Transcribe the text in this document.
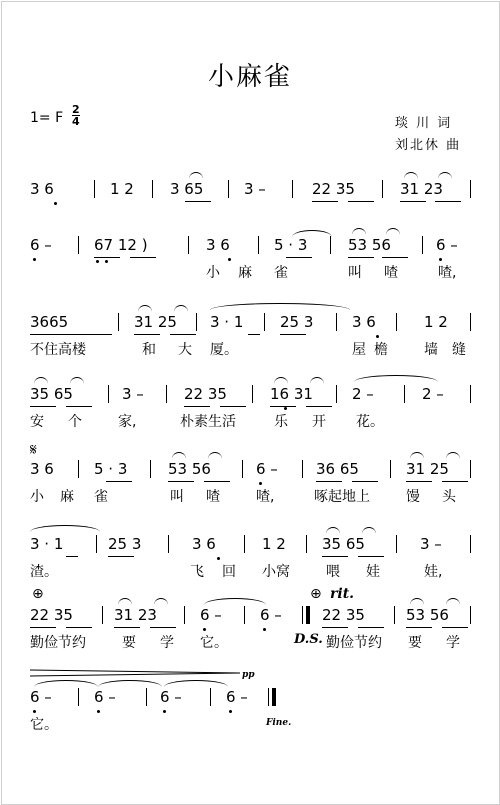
小麻雀
1= F
2
4	琰 川 词
刘北休 曲
3 6	1 2 3 65	3 –	22 35	31 23
6 –	67 12 )	3 6	5 · 3	53 56	6 –
小 麻 雀	叫 喳	喳,
3665	31 25 3 · 1 25 3	3 6	1 2
不住高楼	和 大 厦。	屋檐 墙缝
35 65	3 –	22 35	16 31	2 –	2 –
安 个	家,	朴素生活	乐 开 花。
𝄋
3 6	5 · 3	53 56	6 –	36 65	31 25
小 麻 雀	叫 喳	喳,	啄起地上	馒 头
3 · 1	25 3	3 6	1 2 35 65	3 –
渣。	飞 回 小窝	喂 娃	娃,
⊕	⊕ rit.
22 35	31 23	6 –	6 –	22 35	53 56
勤俭节约	要 学 它。	D.S. 勤俭节约 要 学
pp
6 –	6 –	6 –	6 –
它。	Fine.
